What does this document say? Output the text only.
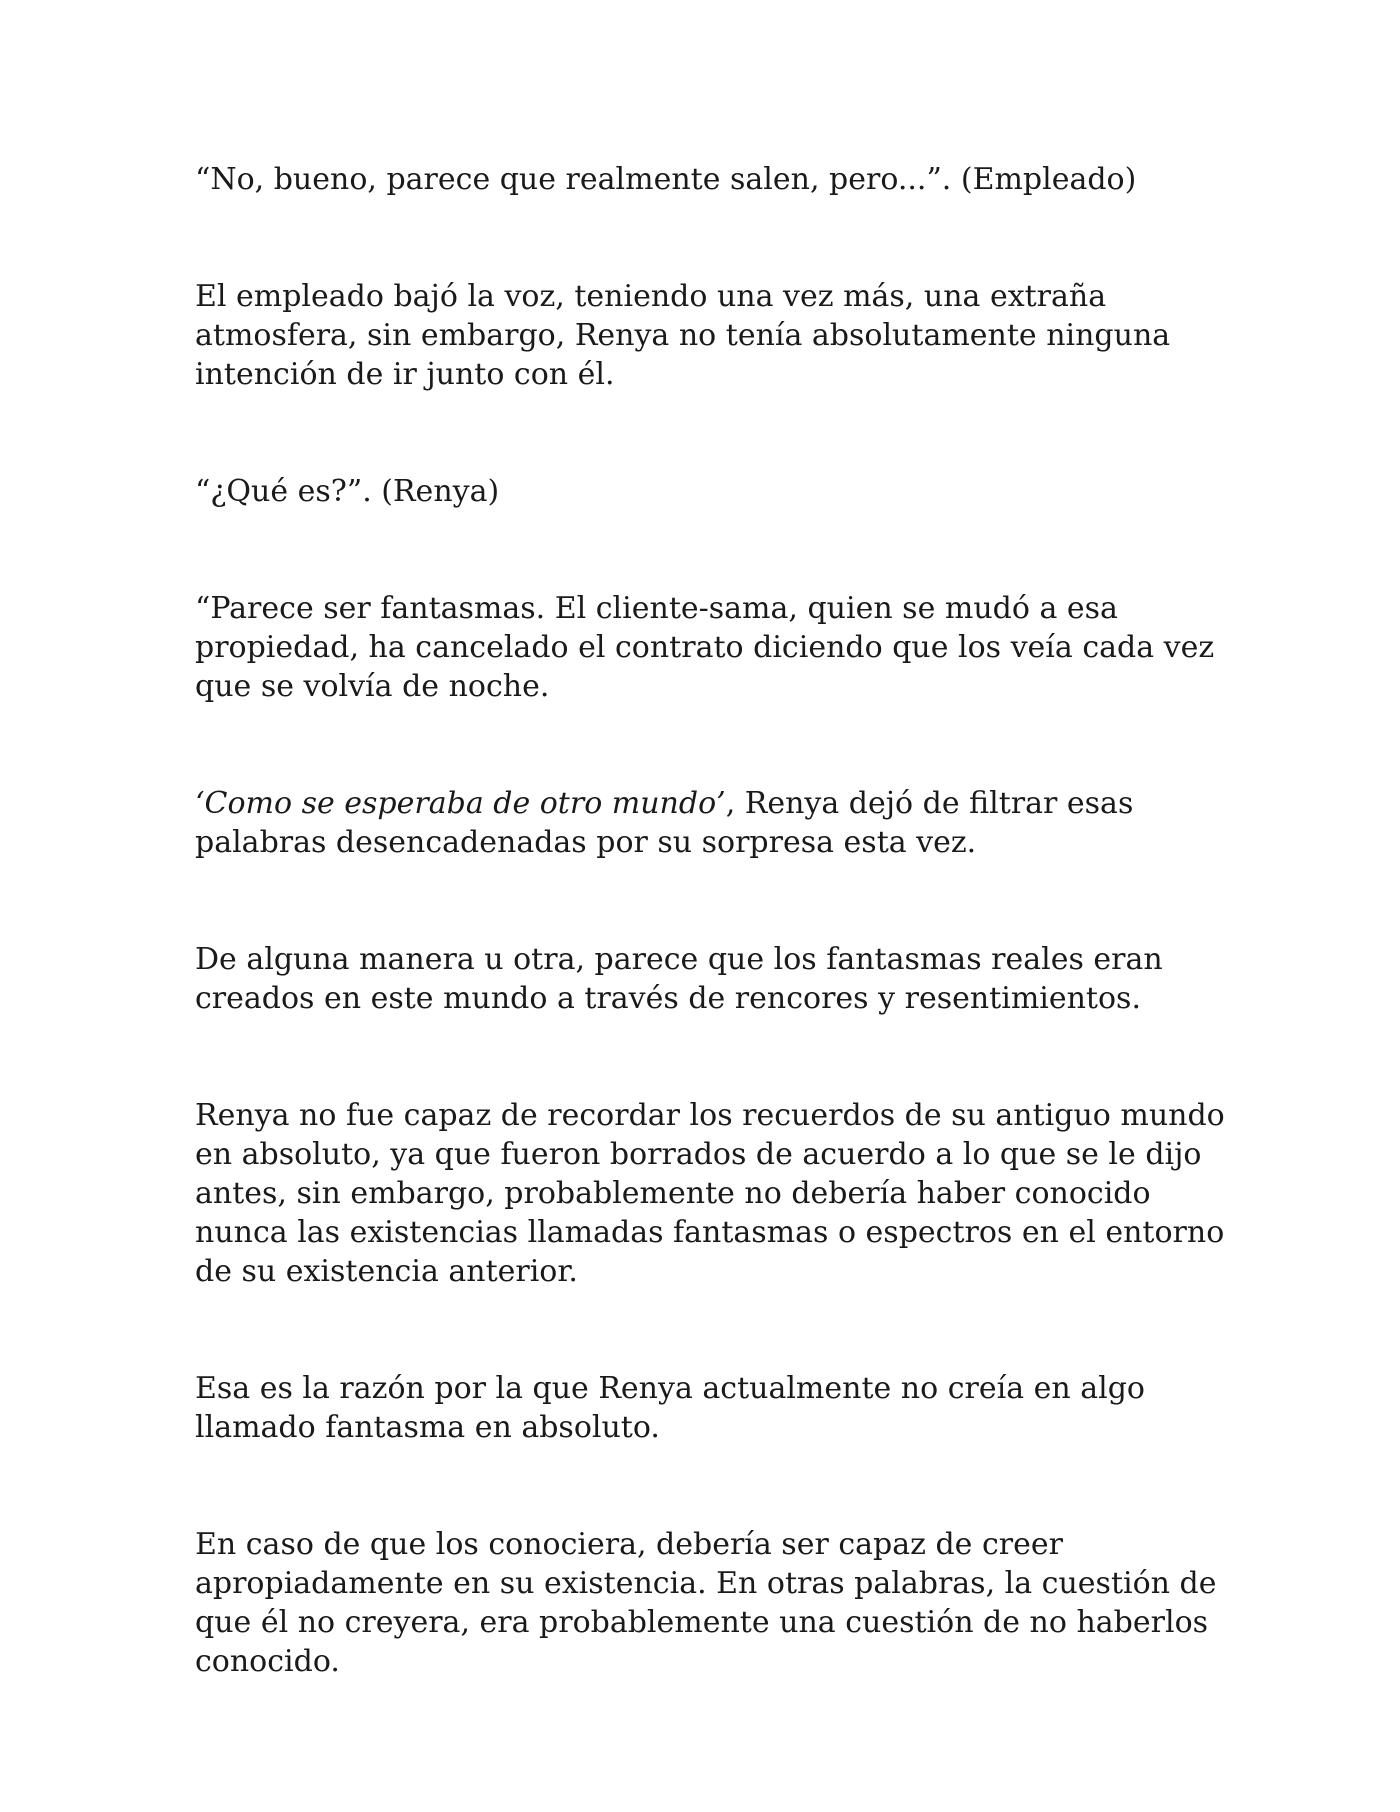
“No, bueno, parece que realmente salen, pero...”. (Empleado)

El empleado bajó la voz, teniendo una vez más, una extraña atmosfera, sin embargo, Renya no tenía absolutamente ninguna intención de ir junto con él.

“¿Qué es?”. (Renya)

“Parece ser fantasmas. El cliente-sama, quien se mudó a esa propiedad, ha cancelado el contrato diciendo que los veía cada vez que se volvía de noche.

‘Como se esperaba de otro mundo’, Renya dejó de filtrar esas palabras desencadenadas por su sorpresa esta vez.

De alguna manera u otra, parece que los fantasmas reales eran creados en este mundo a través de rencores y resentimientos.

Renya no fue capaz de recordar los recuerdos de su antiguo mundo en absoluto, ya que fueron borrados de acuerdo a lo que se le dijo antes, sin embargo, probablemente no debería haber conocido nunca las existencias llamadas fantasmas o espectros en el entorno de su existencia anterior.

Esa es la razón por la que Renya actualmente no creía en algo llamado fantasma en absoluto.

En caso de que los conociera, debería ser capaz de creer apropiadamente en su existencia. En otras palabras, la cuestión de que él no creyera, era probablemente una cuestión de no haberlos conocido.
